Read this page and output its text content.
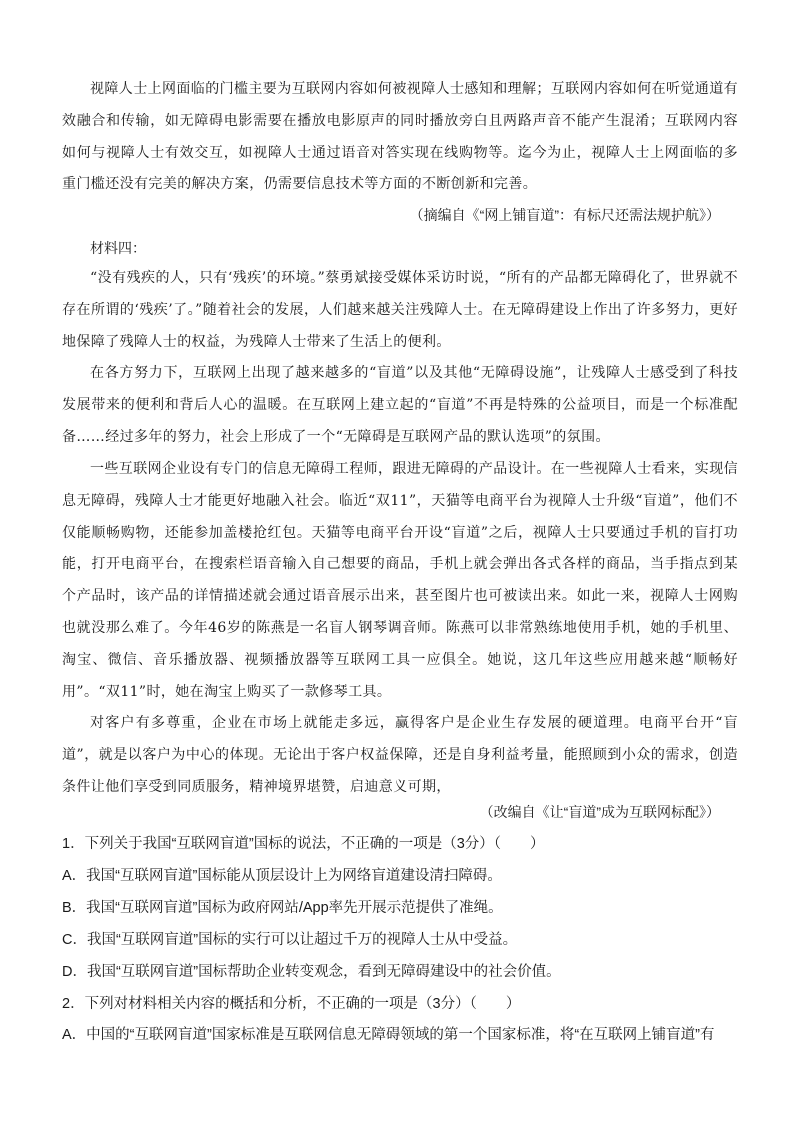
视障人士上网面临的门槛主要为互联网内容如何被视障人士感知和理解；互联网内容如何在听觉通道有效融合和传输，如无障碍电影需要在播放电影原声的同时播放旁白且两路声音不能产生混淆；互联网内容如何与视障人士有效交互，如视障人士通过语音对答实现在线购物等。迄今为止，视障人士上网面临的多重门槛还没有完美的解决方案，仍需要信息技术等方面的不断创新和完善。

（摘编自《“网上铺盲道”：有标尺还需法规护航》）

材料四：

“没有残疾的人，只有‘残疾’的环境。”蔡勇斌接受媒体采访时说，“所有的产品都无障碍化了，世界就不存在所谓的‘残疾’了。”随着社会的发展，人们越来越关注残障人士。在无障碍建设上作出了许多努力，更好地保障了残障人士的权益，为残障人士带来了生活上的便利。

在各方努力下，互联网上出现了越来越多的“盲道”以及其他“无障碍设施”，让残障人士感受到了科技发展带来的便利和背后人心的温暖。在互联网上建立起的“盲道”不再是特殊的公益项目，而是一个标准配备……经过多年的努力，社会上形成了一个“无障碍是互联网产品的默认选项”的氛围。

一些互联网企业设有专门的信息无障碍工程师，跟进无障碍的产品设计。在一些视障人士看来，实现信息无障碍，残障人士才能更好地融入社会。临近“双11”，天猫等电商平台为视障人士升级“盲道”，他们不仅能顺畅购物，还能参加盖楼抢红包。天猫等电商平台开设“盲道”之后，视障人士只要通过手机的盲打功能，打开电商平台，在搜索栏语音输入自己想要的商品，手机上就会弹出各式各样的商品，当手指点到某个产品时，该产品的详情描述就会通过语音展示出来，甚至图片也可被读出来。如此一来，视障人士网购也就没那么难了。今年46岁的陈燕是一名盲人钢琴调音师。陈燕可以非常熟练地使用手机，她的手机里、淘宝、微信、音乐播放器、视频播放器等互联网工具一应俱全。她说，这几年这些应用越来越“顺畅好用”。“双11”时，她在淘宝上购买了一款修琴工具。

对客户有多尊重，企业在市场上就能走多远，赢得客户是企业生存发展的硬道理。电商平台开“盲道”，就是以客户为中心的体现。无论出于客户权益保障，还是自身利益考量，能照顾到小众的需求，创造条件让他们享受到同质服务，精神境界堪赞，启迪意义可期，

（改编自《让“盲道”成为互联网标配》）

1．下列关于我国“互联网盲道”国标的说法，不正确的一项是（3分）（　　）

A．我国“互联网盲道”国标能从顶层设计上为网络盲道建设清扫障碍。

B．我国“互联网盲道”国标为政府网站/App率先开展示范提供了准绳。

C．我国“互联网盲道”国标的实行可以让超过千万的视障人士从中受益。

D．我国“互联网盲道”国标帮助企业转变观念，看到无障碍建设中的社会价值。

2．下列对材料相关内容的概括和分析，不正确的一项是（3分）（　　）

A．中国的“互联网盲道”国家标准是互联网信息无障碍领域的第一个国家标准，将“在互联网上铺盲道”有
